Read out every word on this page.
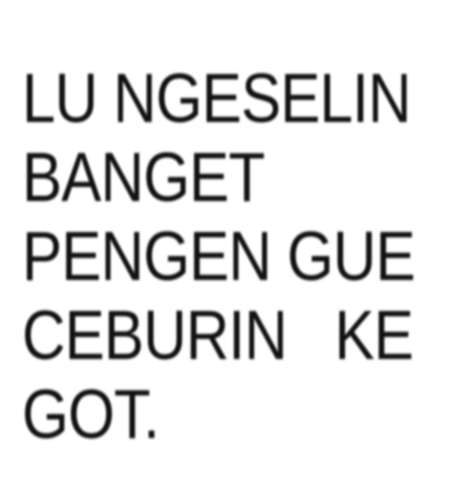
LU NGESELIN
BANGET
PENGEN GUE
CEBURIN   KE
GOT.
